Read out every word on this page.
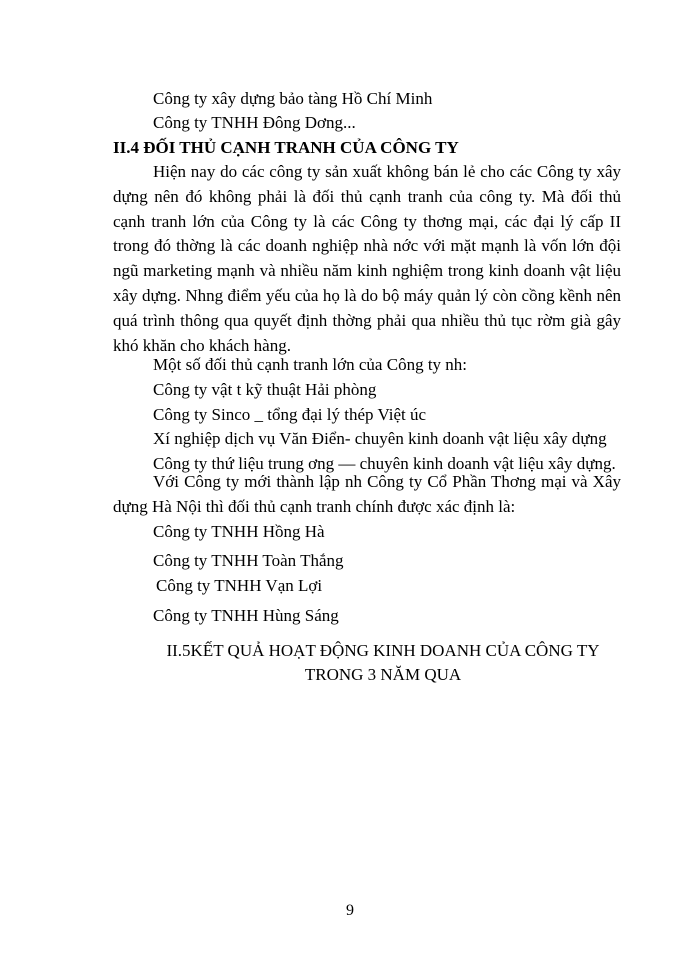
Công ty xây dựng bảo tàng Hồ Chí Minh
Công ty TNHH Đông Dơng...
II.4 ĐỐI THỦ CẠNH TRANH CỦA CÔNG TY
Hiện nay do các công ty sản xuất không bán lẻ cho các Công ty xây dựng nên đó không phải là đối thủ cạnh tranh của công ty. Mà đối thủ cạnh tranh lớn của Công ty là các Công ty thơng mại, các đại lý cấp II trong đó thờng là các doanh nghiệp nhà nớc với mặt mạnh là vốn lớn đội ngũ marketing mạnh và nhiều năm kinh nghiệm trong kinh doanh vật liệu xây dựng. Nhng điểm yếu của họ là do bộ máy quản lý còn cồng kềnh nên quá trình thông qua quyết định thờng phải qua nhiều thủ tục rờm già gây khó khăn cho khách hàng.
Một số đối thủ cạnh tranh lớn của Công ty nh:
Công ty vật t kỹ thuật Hải phòng
Công ty Sinco _ tổng đại lý thép Việt úc
Xí nghiệp dịch vụ Văn Điển- chuyên kinh doanh vật liệu xây dựng
Công ty thứ liệu trung ơng — chuyên kinh doanh vật liệu xây dựng.
Với Công ty mới thành lập nh Công ty Cổ Phần Thơng mại và Xây dựng Hà Nội thì đối thủ cạnh tranh chính được xác định là:
Công ty TNHH Hồng Hà
Công ty TNHH Toàn Thắng
Công ty TNHH Vạn Lợi
Công ty TNHH Hùng Sáng
II.5KẾT QUẢ HOẠT ĐỘNG KINH DOANH CỦA CÔNG TY
TRONG 3 NĂM QUA
9
